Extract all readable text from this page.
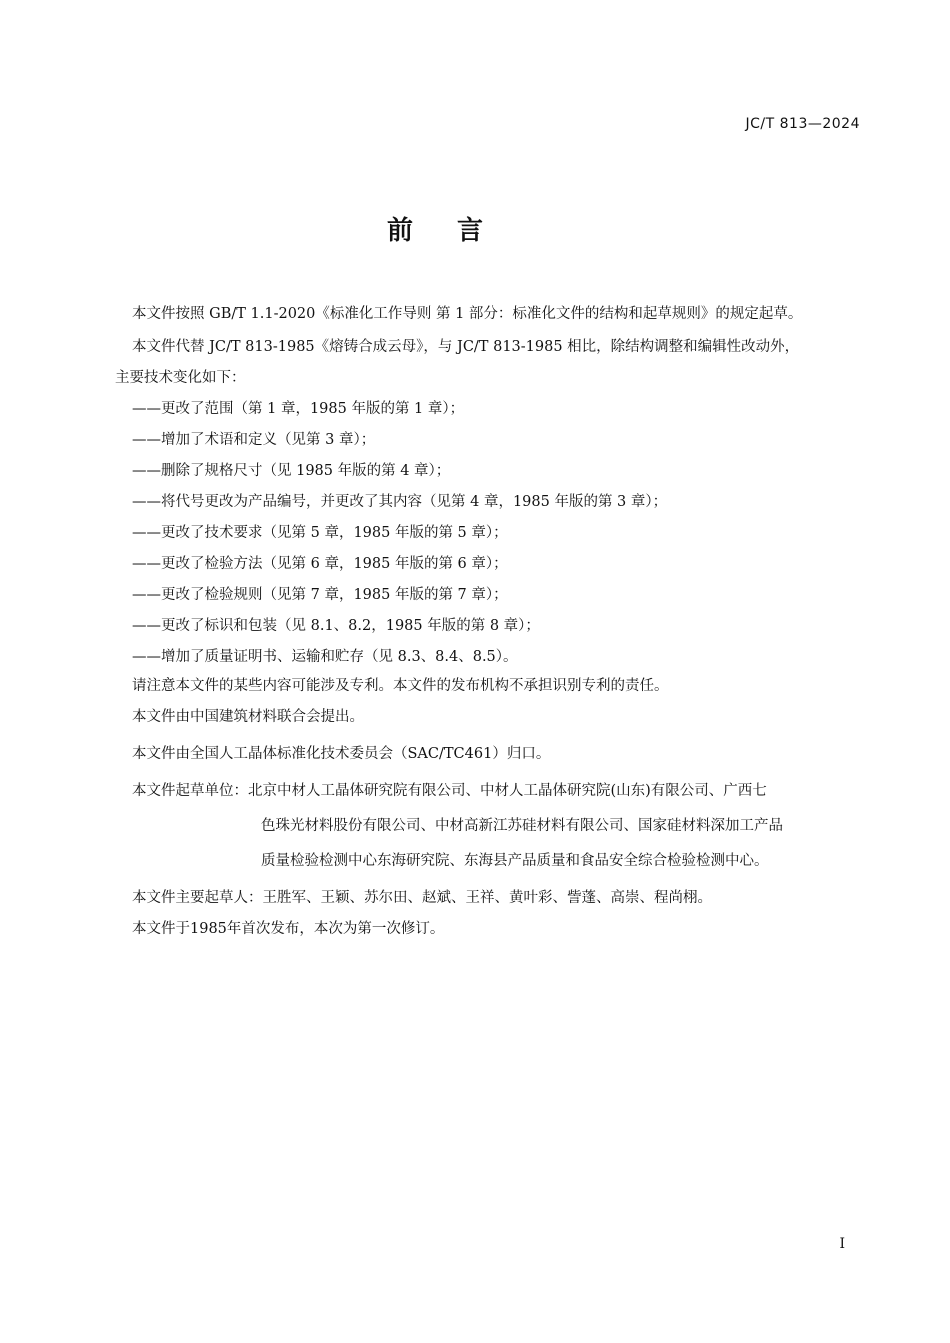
JC/T 813—2024
前言

本文件按照 GB/T 1.1-2020《标准化工作导则 第 1 部分：标准化文件的结构和起草规则》的规定起草。

本文件代替 JC/T 813-1985《熔铸合成云母》，与 JC/T 813-1985 相比，除结构调整和编辑性改动外，

主要技术变化如下：

——更改了范围（第 1 章，1985 年版的第 1 章）；
——增加了术语和定义（见第 3 章）；
——删除了规格尺寸（见 1985 年版的第 4 章）；
——将代号更改为产品编号，并更改了其内容（见第 4 章，1985 年版的第 3 章）；
——更改了技术要求（见第 5 章，1985 年版的第 5 章）；
——更改了检验方法（见第 6 章，1985 年版的第 6 章）；
——更改了检验规则（见第 7 章，1985 年版的第 7 章）；
——更改了标识和包装（见 8.1、8.2，1985 年版的第 8 章）；
——增加了质量证明书、运输和贮存（见 8.3、8.4、8.5）。

请注意本文件的某些内容可能涉及专利。本文件的发布机构不承担识别专利的责任。

本文件由中国建筑材料联合会提出。

本文件由全国人工晶体标准化技术委员会（SAC/TC461）归口。

本文件起草单位： 北京中材人工晶体研究院有限公司、中材人工晶体研究院(山东)有限公司、广西七
色珠光材料股份有限公司、中材高新江苏硅材料有限公司、国家硅材料深加工产品
质量检验检测中心东海研究院、东海县产品质量和食品安全综合检验检测中心。

本文件主要起草人：王胜军、王颖、苏尔田、赵斌、王祥、黄叶彩、訾蓬、高崇、程尚栩。

本文件于1985年首次发布，本次为第一次修订。

I
